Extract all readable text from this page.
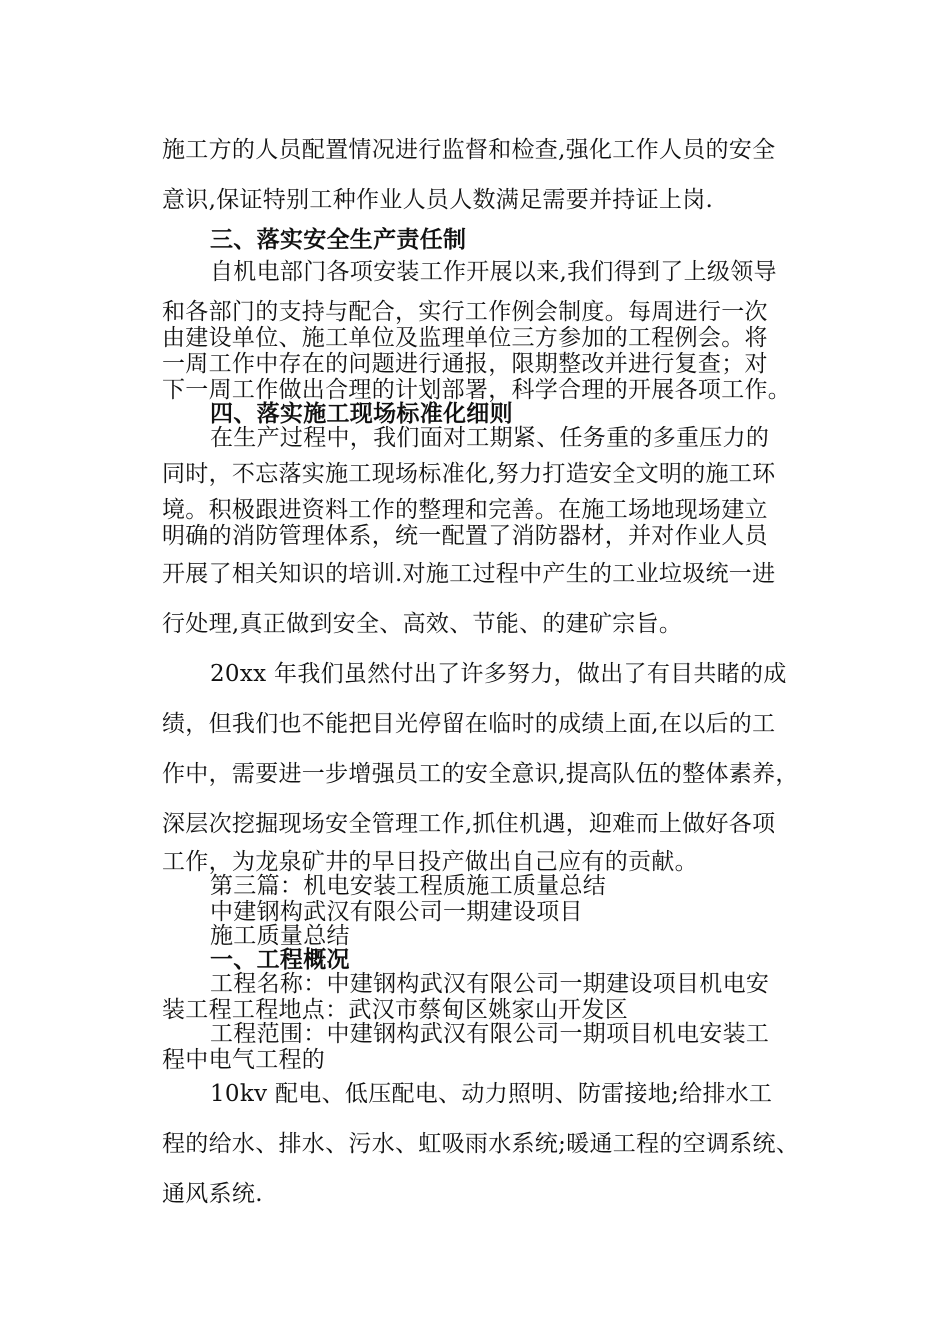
施工方的人员配置情况进行监督和检查,强化工作人员的安全
意识,保证特别工种作业人员人数满足需要并持证上岗.
三、落实安全生产责任制
自机电部门各项安装工作开展以来,我们得到了上级领导
和各部门的支持与配合，实行工作例会制度。每周进行一次
由建设单位、施工单位及监理单位三方参加的工程例会。将
一周工作中存在的问题进行通报，限期整改并进行复查；对
下一周工作做出合理的计划部署，科学合理的开展各项工作。
四、落实施工现场标准化细则
在生产过程中，我们面对工期紧、任务重的多重压力的
同时，不忘落实施工现场标准化,努力打造安全文明的施工环
境。积极跟进资料工作的整理和完善。在施工场地现场建立
明确的消防管理体系，统一配置了消防器材，并对作业人员
开展了相关知识的培训.对施工过程中产生的工业垃圾统一进
行处理,真正做到安全、高效、节能、的建矿宗旨。
20xx 年我们虽然付出了许多努力，做出了有目共睹的成
绩，但我们也不能把目光停留在临时的成绩上面,在以后的工
作中，需要进一步增强员工的安全意识,提高队伍的整体素养，
深层次挖掘现场安全管理工作,抓住机遇，迎难而上做好各项
工作，为龙泉矿井的早日投产做出自己应有的贡献。
第三篇：机电安装工程质施工质量总结
中建钢构武汉有限公司一期建设项目
施工质量总结
一、工程概况
工程名称：中建钢构武汉有限公司一期建设项目机电安
装工程工程地点：武汉市蔡甸区姚家山开发区
工程范围：中建钢构武汉有限公司一期项目机电安装工
程中电气工程的
10kv 配电、低压配电、动力照明、防雷接地;给排水工
程的给水、排水、污水、虹吸雨水系统;暖通工程的空调系统、
通风系统.
